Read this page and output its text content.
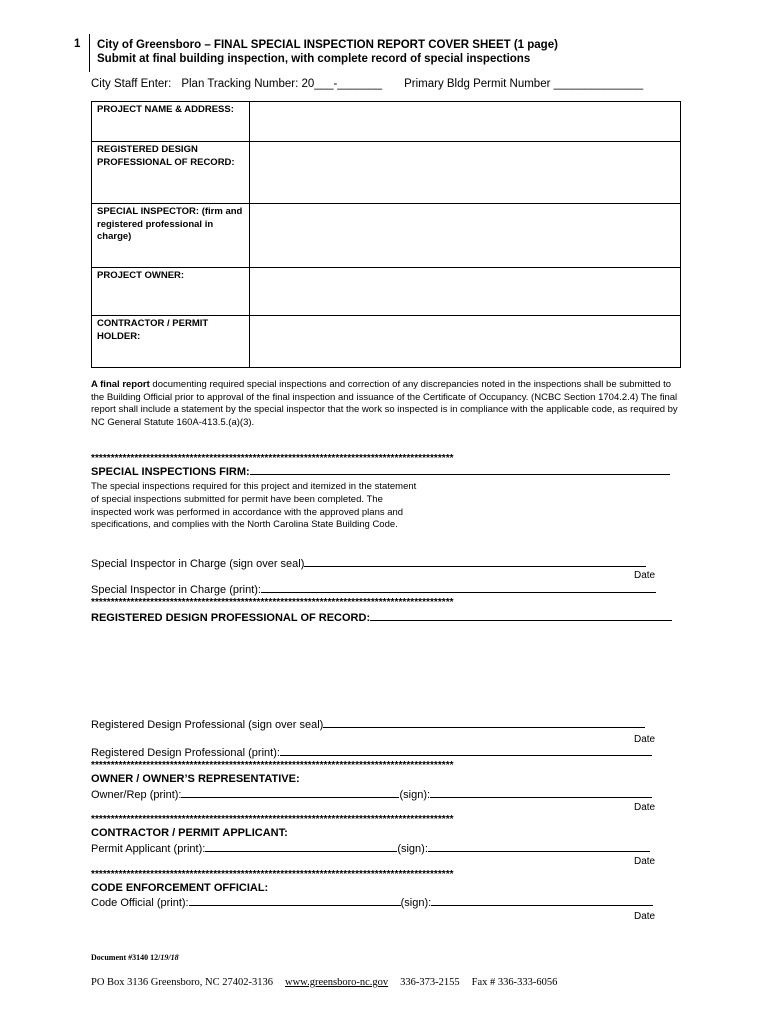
1 City of Greensboro – FINAL SPECIAL INSPECTION REPORT COVER SHEET (1 page)
Submit at final building inspection, with complete record of special inspections
City Staff Enter: Plan Tracking Number: 20___-_______ Primary Bldg Permit Number ______________
PROJECT NAME & ADDRESS:	
REGISTERED DESIGN PROFESSIONAL OF RECORD:	
SPECIAL INSPECTOR: (firm and registered professional in charge)	
PROJECT OWNER:	
CONTRACTOR / PERMIT HOLDER:	
A final report documenting required special inspections and correction of any discrepancies noted in the inspections shall be submitted to the Building Official prior to approval of the final inspection and issuance of the Certificate of Occupancy. (NCBC Section 1704.2.4) The final report shall include a statement by the special inspector that the work so inspected is in compliance with the applicable code, as required by NC General Statute 160A-413.5.(a)(3).
********************************************************************************************
SPECIAL INSPECTIONS FIRM:
The special inspections required for this project and itemized in the statement of special inspections submitted for permit have been completed. The inspected work was performed in accordance with the approved plans and specifications, and complies with the North Carolina State Building Code.
Special Inspector in Charge (sign over seal)
Date
Special Inspector in Charge (print):
********************************************************************************************
REGISTERED DESIGN PROFESSIONAL OF RECORD:
Registered Design Professional (sign over seal)
Date
Registered Design Professional (print):
********************************************************************************************
OWNER / OWNER’S REPRESENTATIVE:
Owner/Rep (print):	(sign):
Date
********************************************************************************************
CONTRACTOR / PERMIT APPLICANT:
Permit Applicant (print):	(sign):
Date
********************************************************************************************
CODE ENFORCEMENT OFFICIAL:
Code Official (print):	(sign):
Date
Document #3140 12/19/18
PO Box 3136 Greensboro, NC 27402-3136 www.greensboro-nc.gov 336-373-2155 Fax # 336-333-6056
